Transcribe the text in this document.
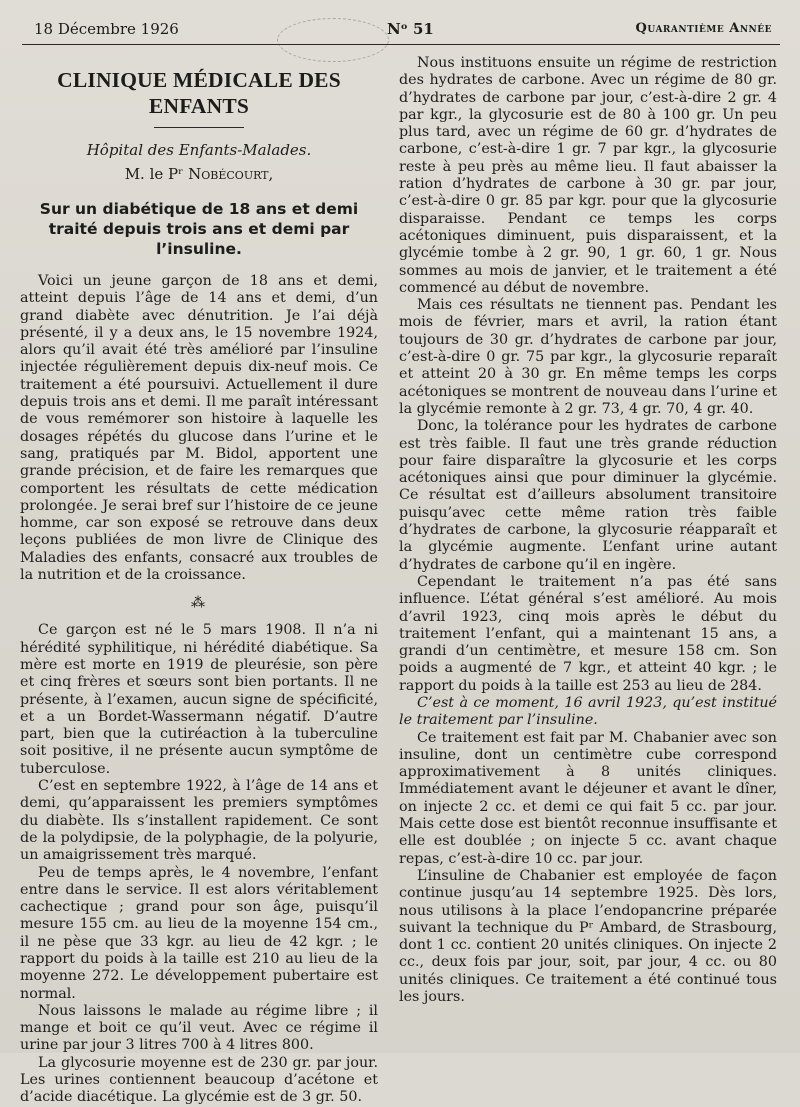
18 Décembre 1926	Nᵒ 51	Quarantième Année
CLINIQUE MÉDICALE DES ENFANTS
Hôpital des Enfants-Malades.
M. le Pʳ Nobécourt,
Sur un diabétique de 18 ans et demi
traité depuis trois ans et demi par l’insuline.

Voici un jeune garçon de 18 ans et demi, atteint depuis l’âge de 14 ans et demi, d’un grand diabète avec dénutrition. Je l’ai déjà présenté, il y a deux ans, le 15 novembre 1924, alors qu’il avait été très amélioré par l’insuline injectée régulièrement depuis dix-neuf mois. Ce traitement a été poursuivi. Actuellement il dure depuis trois ans et demi. Il me paraît intéressant de vous remémorer son histoire à laquelle les dosages répétés du glucose dans l’urine et le sang, pratiqués par M. Bidol, apportent une grande précision, et de faire les remarques que comportent les résultats de cette médication prolongée. Je serai bref sur l’histoire de ce jeune homme, car son exposé se retrouve dans deux leçons publiées de mon livre de Clinique des Maladies des enfants, consacré aux troubles de la nutrition et de la croissance.

⁂

Ce garçon est né le 5 mars 1908. Il n’a ni hérédité syphilitique, ni hérédité diabétique. Sa mère est morte en 1919 de pleurésie, son père et cinq frères et sœurs sont bien portants. Il ne présente, à l’examen, aucun signe de spécificité, et a un Bordet-Wassermann négatif. D’autre part, bien que la cutiréaction à la tuberculine soit positive, il ne présente aucun symptôme de tuberculose.

C’est en septembre 1922, à l’âge de 14 ans et demi, qu’apparaissent les premiers symptômes du diabète. Ils s’installent rapidement. Ce sont de la polydipsie, de la polyphagie, de la polyurie, un amaigrissement très marqué.

Peu de temps après, le 4 novembre, l’enfant entre dans le service. Il est alors véritablement cachectique ; grand pour son âge, puisqu’il mesure 155 cm. au lieu de la moyenne 154 cm., il ne pèse que 33 kgr. au lieu de 42 kgr. ; le rapport du poids à la taille est 210 au lieu de la moyenne 272. Le développement pubertaire est normal.

Nous laissons le malade au régime libre ; il mange et boit ce qu’il veut. Avec ce régime il urine par jour 3 litres 700 à 4 litres 800.

La glycosurie moyenne est de 230 gr. par jour. Les urines contiennent beaucoup d’acétone et d’acide diacétique. La glycémie est de 3 gr. 50.

Nous instituons ensuite un régime de restriction des hydrates de carbone. Avec un régime de 80 gr. d’hydrates de carbone par jour, c’est-à-dire 2 gr. 4 par kgr., la glycosurie est de 80 à 100 gr. Un peu plus tard, avec un régime de 60 gr. d’hydrates de carbone, c’est-à-dire 1 gr. 7 par kgr., la glycosurie reste à peu près au même lieu. Il faut abaisser la ration d’hydrates de carbone à 30 gr. par jour, c’est-à-dire 0 gr. 85 par kgr. pour que la glycosurie disparaisse. Pendant ce temps les corps acétoniques diminuent, puis disparaissent, et la glycémie tombe à 2 gr. 90, 1 gr. 60, 1 gr. Nous sommes au mois de janvier, et le traitement a été commencé au début de novembre.

Mais ces résultats ne tiennent pas. Pendant les mois de février, mars et avril, la ration étant toujours de 30 gr. d’hydrates de carbone par jour, c’est-à-dire 0 gr. 75 par kgr., la glycosurie reparaît et atteint 20 à 30 gr. En même temps les corps acétoniques se montrent de nouveau dans l’urine et la glycémie remonte à 2 gr. 73, 4 gr. 70, 4 gr. 40.

Donc, la tolérance pour les hydrates de carbone est très faible. Il faut une très grande réduction pour faire disparaître la glycosurie et les corps acétoniques ainsi que pour diminuer la glycémie. Ce résultat est d’ailleurs absolument transitoire puisqu’avec cette même ration très faible d’hydrates de carbone, la glycosurie réapparaît et la glycémie augmente. L’enfant urine autant d’hydrates de carbone qu’il en ingère.

Cependant le traitement n’a pas été sans influence. L’état général s’est amélioré. Au mois d’avril 1923, cinq mois après le début du traitement l’enfant, qui a maintenant 15 ans, a grandi d’un centimètre, et mesure 158 cm. Son poids a augmenté de 7 kgr., et atteint 40 kgr. ; le rapport du poids à la taille est 253 au lieu de 284.

C’est à ce moment, 16 avril 1923, qu’est institué le traitement par l’insuline.

Ce traitement est fait par M. Chabanier avec son insuline, dont un centimètre cube correspond approximativement à 8 unités cliniques. Immédiatement avant le déjeuner et avant le dîner, on injecte 2 cc. et demi ce qui fait 5 cc. par jour. Mais cette dose est bientôt reconnue insuffisante et elle est doublée ; on injecte 5 cc. avant chaque repas, c’est-à-dire 10 cc. par jour.

L’insuline de Chabanier est employée de façon continue jusqu’au 14 septembre 1925. Dès lors, nous utilisons à la place l’endopancrine préparée suivant la technique du Pʳ Ambard, de Strasbourg, dont 1 cc. contient 20 unités cliniques. On injecte 2 cc., deux fois par jour, soit, par jour, 4 cc. ou 80 unités cliniques. Ce traitement a été continué tous les jours.
